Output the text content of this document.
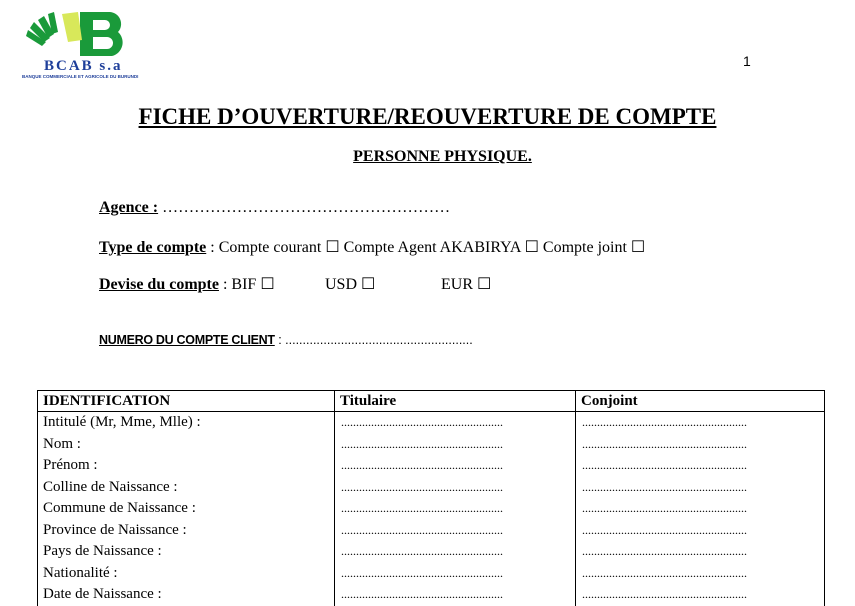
BCAB s.a
BANQUE COMMERCIALE ET AGRICOLE DU BURUNDI
1
FICHE D’OUVERTURE/REOUVERTURE DE COMPTE
PERSONNE PHYSIQUE.
Agence : ………………………………………………
Type de compte : Compte courant ☐ Compte Agent AKABIRYA ☐ Compte joint ☐
Devise du compte : BIF ☐	USD ☐	EUR ☐
NUMERO DU COMPTE CLIENT : ......................................................
IDENTIFICATION	Titulaire	Conjoint
Intitulé (Mr, Mme, Mlle) :	......................................................	.......................................................
Nom :	......................................................	.......................................................
Prénom :	......................................................	.......................................................
Colline de Naissance :	......................................................	.......................................................
Commune de Naissance :	......................................................	.......................................................
Province de Naissance :	......................................................	.......................................................
Pays de Naissance :	......................................................	.......................................................
Nationalité :	......................................................	.......................................................
Date de Naissance :	......................................................	.......................................................
